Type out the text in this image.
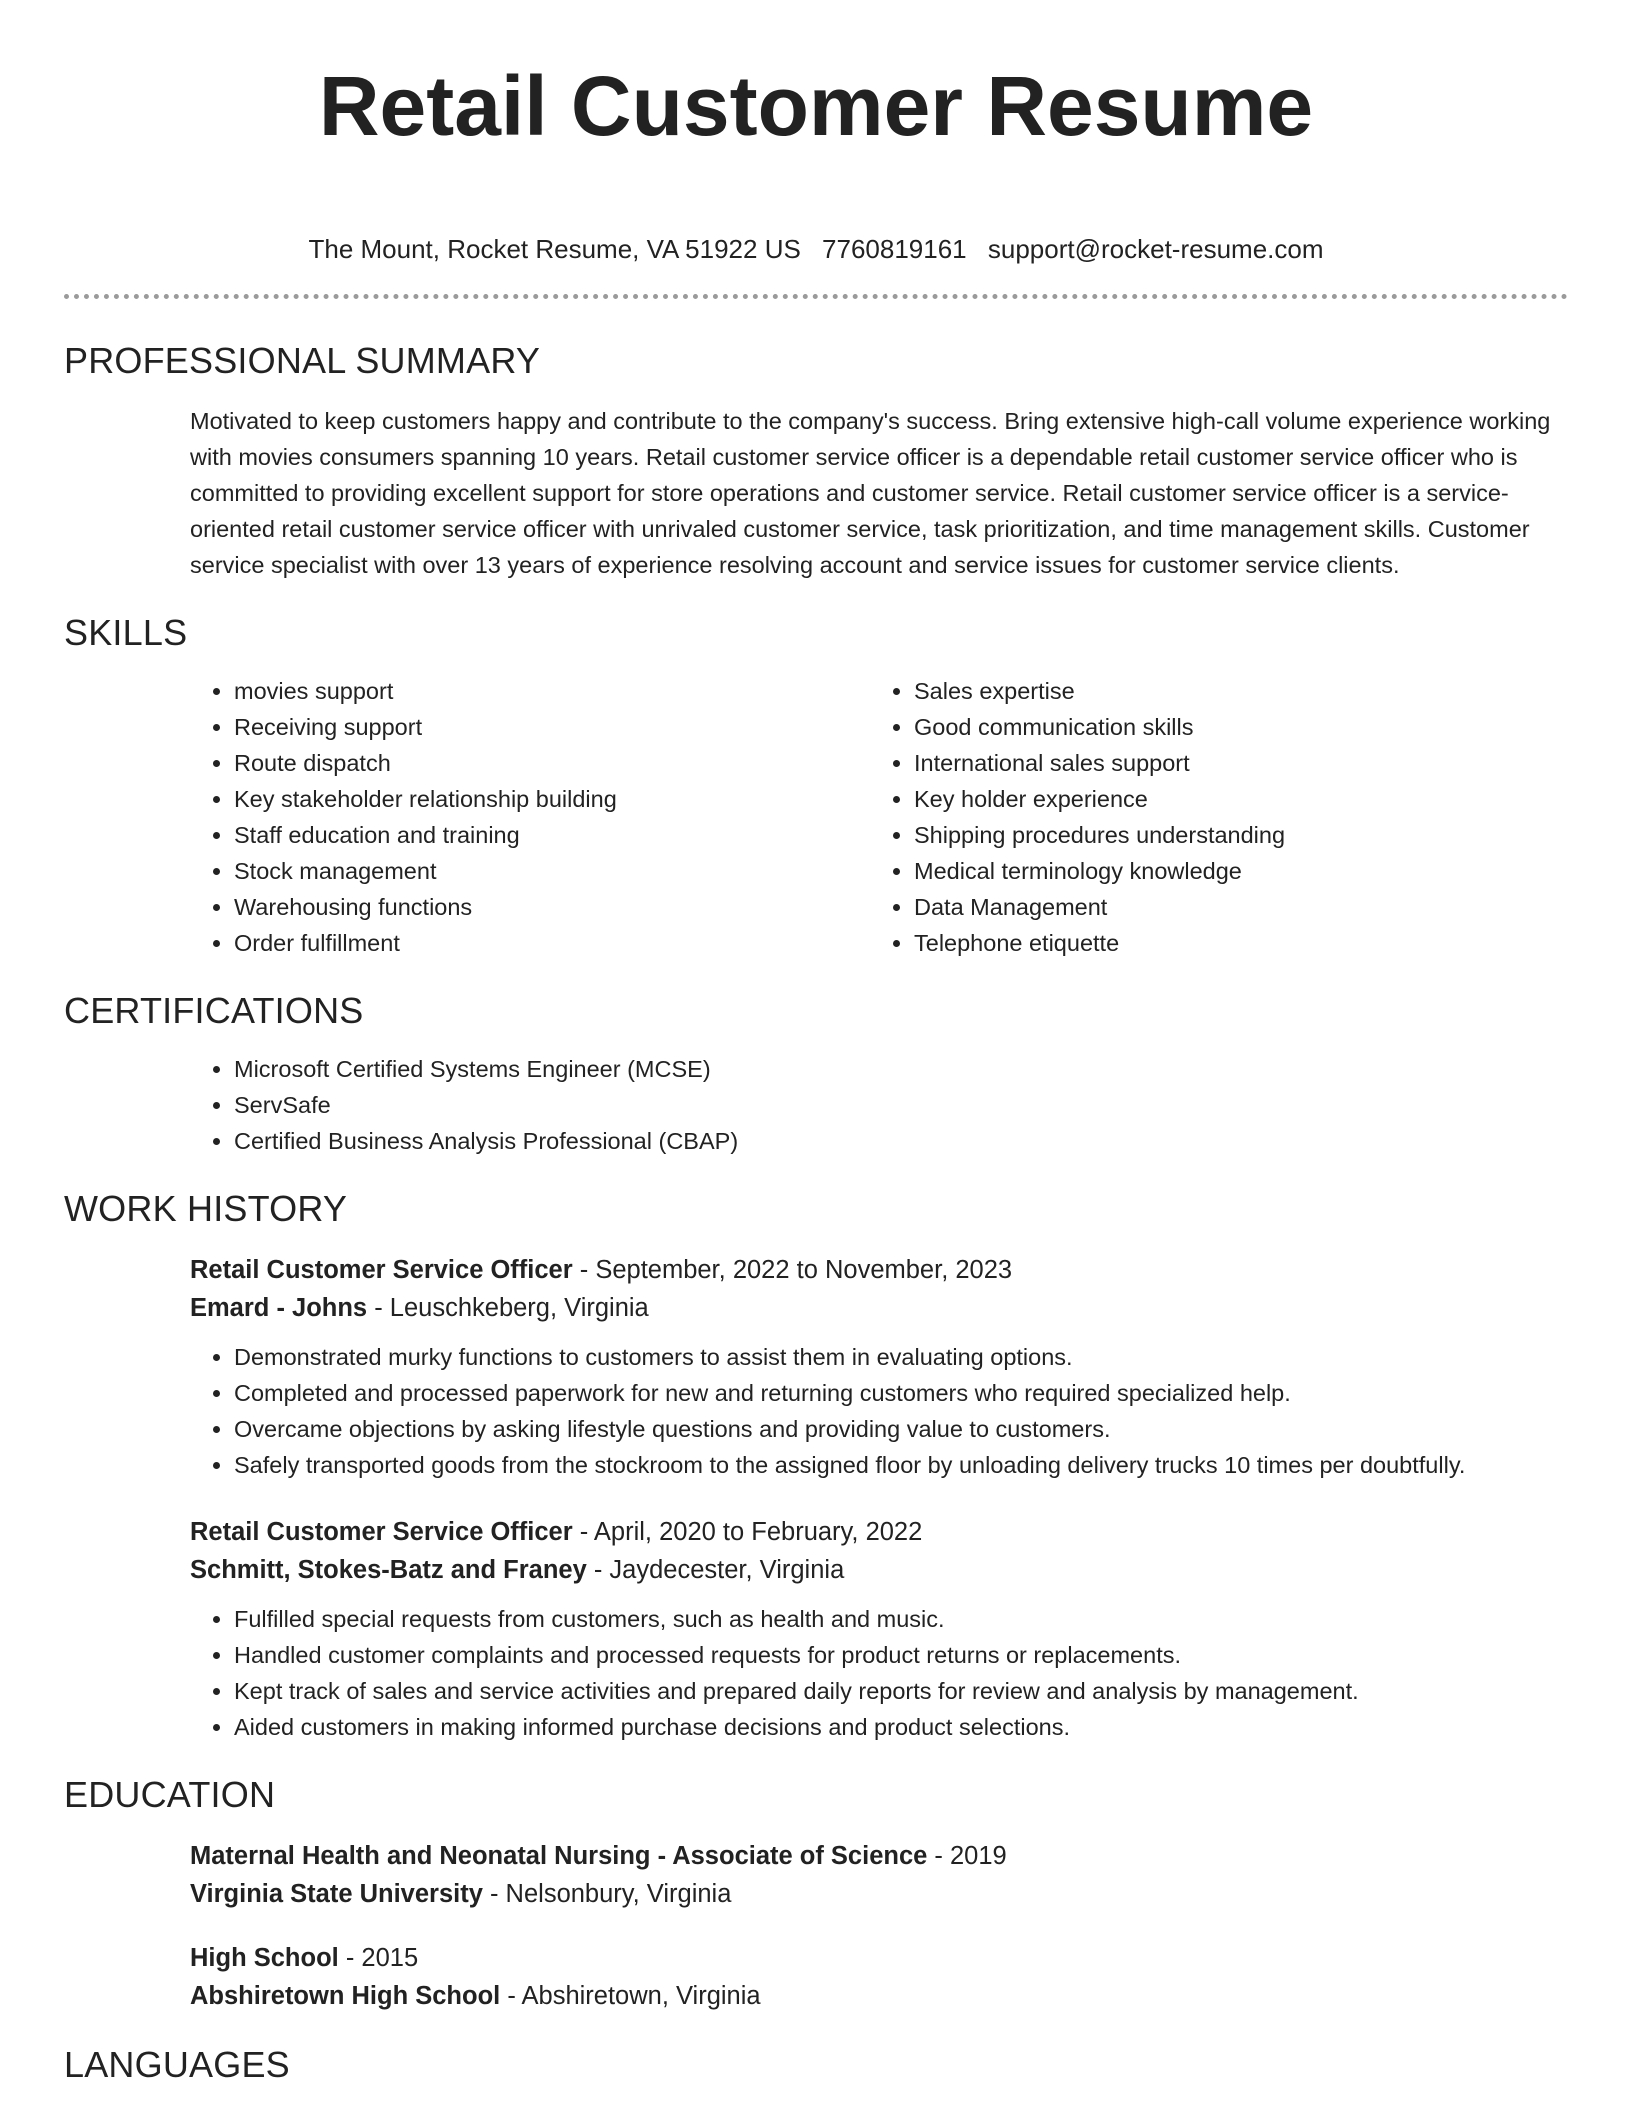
Retail Customer Resume
The Mount, Rocket Resume, VA 51922 US 7760819161 support@rocket-resume.com
PROFESSIONAL SUMMARY
Motivated to keep customers happy and contribute to the company's success. Bring extensive high-call volume experience working with movies consumers spanning 10 years. Retail customer service officer is a dependable retail customer service officer who is committed to providing excellent support for store operations and customer service. Retail customer service officer is a service-oriented retail customer service officer with unrivaled customer service, task prioritization, and time management skills. Customer service specialist with over 13 years of experience resolving account and service issues for customer service clients.
SKILLS
• movies support
• Receiving support
• Route dispatch
• Key stakeholder relationship building
• Staff education and training
• Stock management
• Warehousing functions
• Order fulfillment
• Sales expertise
• Good communication skills
• International sales support
• Key holder experience
• Shipping procedures understanding
• Medical terminology knowledge
• Data Management
• Telephone etiquette
CERTIFICATIONS
• Microsoft Certified Systems Engineer (MCSE)
• ServSafe
• Certified Business Analysis Professional (CBAP)
WORK HISTORY
Retail Customer Service Officer - September, 2022 to November, 2023
Emard - Johns - Leuschkeberg, Virginia
• Demonstrated murky functions to customers to assist them in evaluating options.
• Completed and processed paperwork for new and returning customers who required specialized help.
• Overcame objections by asking lifestyle questions and providing value to customers.
• Safely transported goods from the stockroom to the assigned floor by unloading delivery trucks 10 times per doubtfully.
Retail Customer Service Officer - April, 2020 to February, 2022
Schmitt, Stokes-Batz and Franey - Jaydecester, Virginia
• Fulfilled special requests from customers, such as health and music.
• Handled customer complaints and processed requests for product returns or replacements.
• Kept track of sales and service activities and prepared daily reports for review and analysis by management.
• Aided customers in making informed purchase decisions and product selections.
EDUCATION
Maternal Health and Neonatal Nursing - Associate of Science - 2019
Virginia State University - Nelsonbury, Virginia
High School - 2015
Abshiretown High School - Abshiretown, Virginia
LANGUAGES
